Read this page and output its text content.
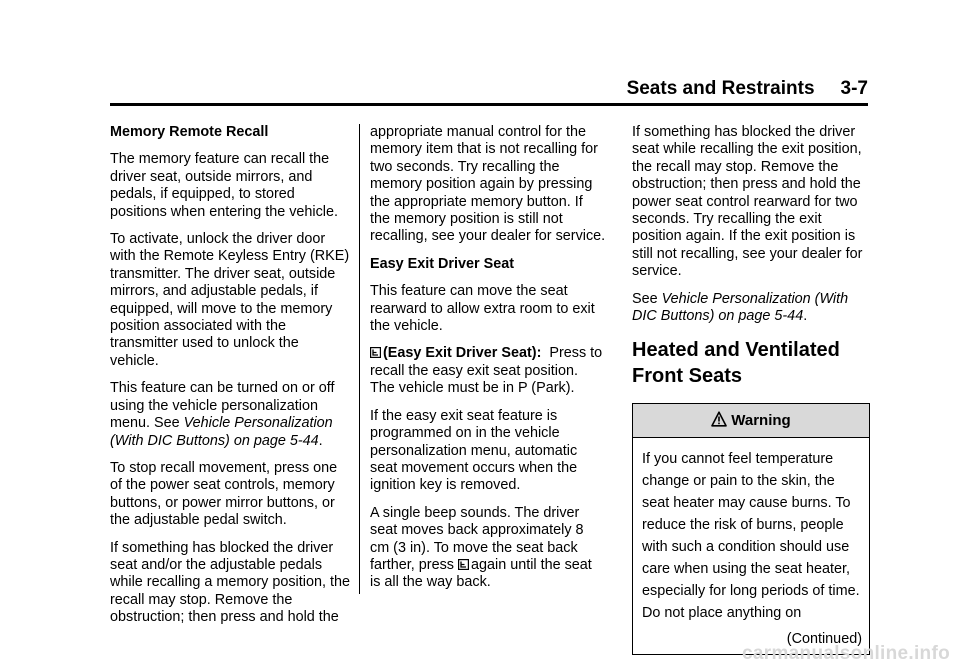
Seats and Restraints 3-7

Memory Remote Recall

The memory feature can recall the driver seat, outside mirrors, and pedals, if equipped, to stored positions when entering the vehicle.

To activate, unlock the driver door with the Remote Keyless Entry (RKE) transmitter. The driver seat, outside mirrors, and adjustable pedals, if equipped, will move to the memory position associated with the transmitter used to unlock the vehicle.

This feature can be turned on or off using the vehicle personalization menu. See Vehicle Personalization (With DIC Buttons) on page 5-44.

To stop recall movement, press one of the power seat controls, memory buttons, or power mirror buttons, or the adjustable pedal switch.

If something has blocked the driver seat and/or the adjustable pedals while recalling a memory position, the recall may stop. Remove the obstruction; then press and hold the

appropriate manual control for the memory item that is not recalling for two seconds. Try recalling the memory position again by pressing the appropriate memory button. If the memory position is still not recalling, see your dealer for service.

Easy Exit Driver Seat

This feature can move the seat rearward to allow extra room to exit the vehicle.

(Easy Exit Driver Seat): Press to recall the easy exit seat position. The vehicle must be in P (Park).

If the easy exit seat feature is programmed on in the vehicle personalization menu, automatic seat movement occurs when the ignition key is removed.

A single beep sounds. The driver seat moves back approximately 8 cm (3 in). To move the seat back farther, press again until the seat is all the way back.

If something has blocked the driver seat while recalling the exit position, the recall may stop. Remove the obstruction; then press and hold the power seat control rearward for two seconds. Try recalling the exit position again. If the exit position is still not recalling, see your dealer for service.

See Vehicle Personalization (With DIC Buttons) on page 5-44.

Heated and Ventilated Front Seats
Warning
If you cannot feel temperature change or pain to the skin, the seat heater may cause burns. To reduce the risk of burns, people with such a condition should use care when using the seat heater, especially for long periods of time. Do not place anything on
(Continued)
carmanualsonline.info
